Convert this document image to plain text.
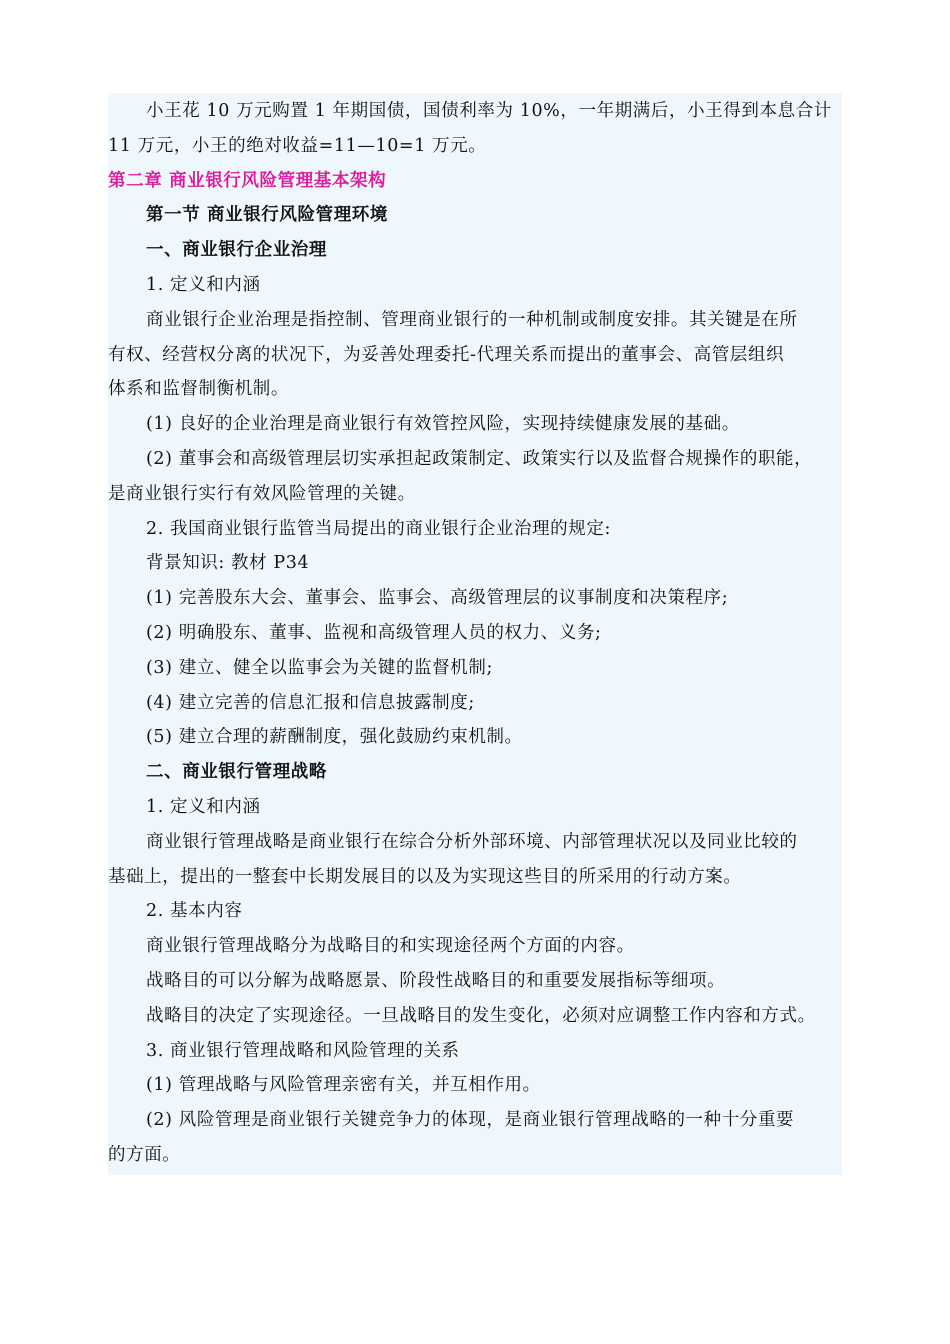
小王花 10 万元购置 1 年期国债，国债利率为 10%，一年期满后，小王得到本息合计
11 万元，小王的绝对收益=11—10=1 万元。
第二章 商业银行风险管理基本架构
第一节 商业银行风险管理环境
一、商业银行企业治理
1. 定义和内涵
商业银行企业治理是指控制、管理商业银行的一种机制或制度安排。其关键是在所
有权、经营权分离的状况下，为妥善处理委托-代理关系而提出的董事会、高管层组织
体系和监督制衡机制。
(1) 良好的企业治理是商业银行有效管控风险，实现持续健康发展的基础。
(2) 董事会和高级管理层切实承担起政策制定、政策实行以及监督合规操作的职能，
是商业银行实行有效风险管理的关键。
2. 我国商业银行监管当局提出的商业银行企业治理的规定:
背景知识: 教材 P34
(1) 完善股东大会、董事会、监事会、高级管理层的议事制度和决策程序;
(2) 明确股东、董事、监视和高级管理人员的权力、义务;
(3) 建立、健全以监事会为关键的监督机制;
(4) 建立完善的信息汇报和信息披露制度;
(5) 建立合理的薪酬制度，强化鼓励约束机制。
二、商业银行管理战略
1. 定义和内涵
商业银行管理战略是商业银行在综合分析外部环境、内部管理状况以及同业比较的
基础上，提出的一整套中长期发展目的以及为实现这些目的所采用的行动方案。
2. 基本内容
商业银行管理战略分为战略目的和实现途径两个方面的内容。
战略目的可以分解为战略愿景、阶段性战略目的和重要发展指标等细项。
战略目的决定了实现途径。一旦战略目的发生变化，必须对应调整工作内容和方式。
3. 商业银行管理战略和风险管理的关系
(1) 管理战略与风险管理亲密有关，并互相作用。
(2) 风险管理是商业银行关键竞争力的体现，是商业银行管理战略的一种十分重要
的方面。
